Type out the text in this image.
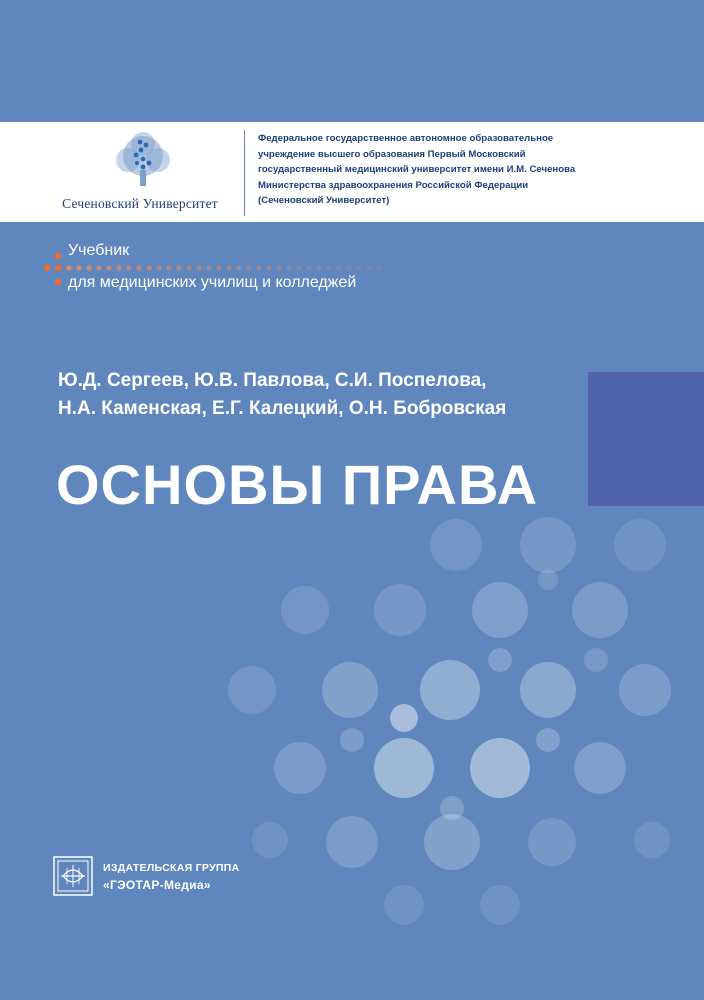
Сеченовский Университет
Федеральное государственное автономное образовательное
учреждение высшего образования Первый Московский
государственный медицинский университет имени И.М. Сеченова
Министерства здравоохранения Российской Федерации
(Сеченовский Университет)
Учебник
для медицинских училищ и колледжей
Ю.Д. Сергеев, Ю.В. Павлова, С.И. Поспелова,
Н.А. Каменская, Е.Г. Калецкий, О.Н. Бобровская
ОСНОВЫ ПРАВА
ИЗДАТЕЛЬСКАЯ ГРУППА
«ГЭОТАР-Медиа»
